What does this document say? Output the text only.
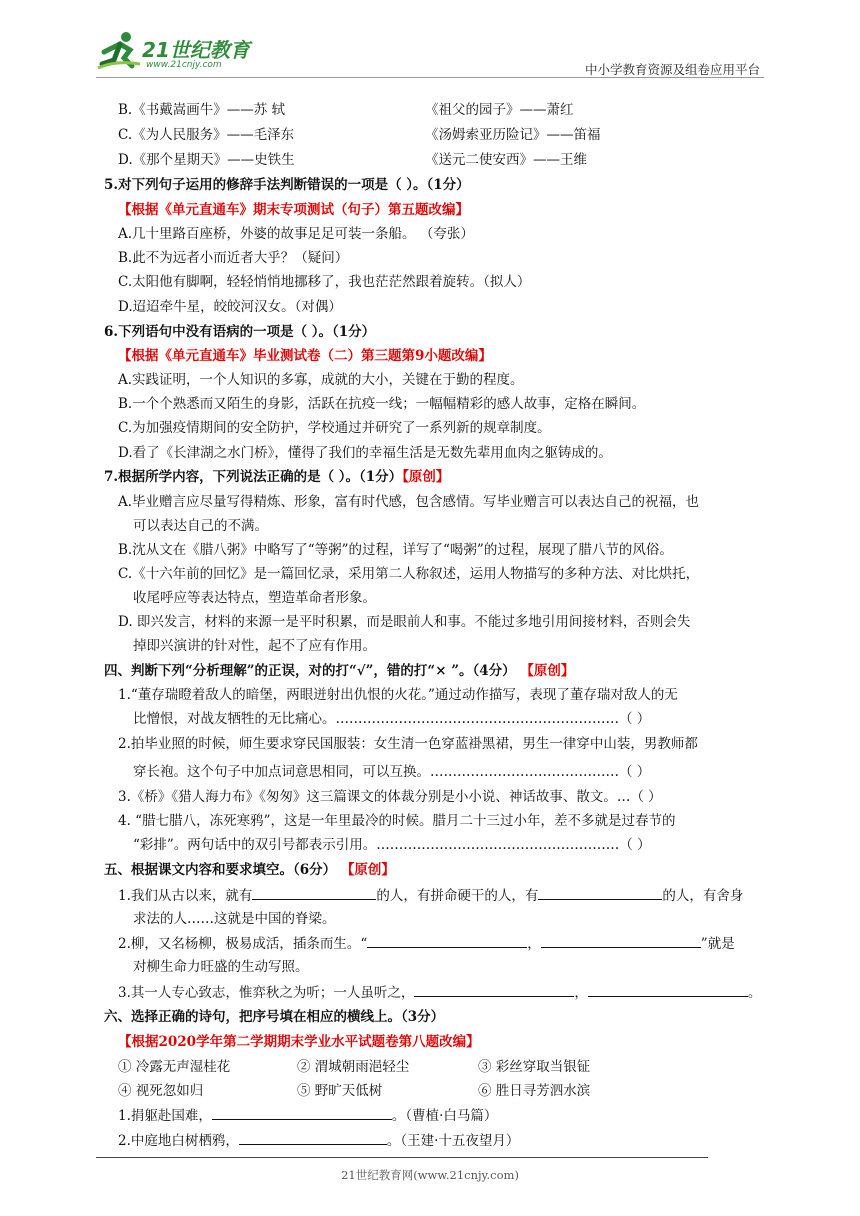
21世纪教育
www.21cnjy.com	中小学教育资源及组卷应用平台
B.《书戴嵩画牛》——苏 轼	《祖父的园子》——萧红
C.《为人民服务》——毛泽东	《汤姆索亚历险记》——笛福
D.《那个星期天》——史铁生	《送元二使安西》——王维
5.对下列句子运用的修辞手法判断错误的一项是（ ）。（1分）
【根据《单元直通车》期末专项测试（句子）第五题改编】
A.几十里路百座桥，外婆的故事足足可装一条船。 （夸张）
B.此不为远者小而近者大乎？（疑问）
C.太阳他有脚啊，轻轻悄悄地挪移了，我也茫茫然跟着旋转。（拟人）
D.迢迢牵牛星，皎皎河汉女。（对偶）
6.下列语句中没有语病的一项是（ ）。（1分）
【根据《单元直通车》毕业测试卷（二）第三题第9小题改编】
A.实践证明，一个人知识的多寡，成就的大小，关键在于勤的程度。
B.一个个熟悉而又陌生的身影，活跃在抗疫一线；一幅幅精彩的感人故事，定格在瞬间。
C.为加强疫情期间的安全防护，学校通过并研究了一系列新的规章制度。
D.看了《长津湖之水门桥》，懂得了我们的幸福生活是无数先辈用血肉之躯铸成的。
7.根据所学内容，下列说法正确的是（ ）。（1分）【原创】
A.毕业赠言应尽量写得精炼、形象，富有时代感，包含感情。写毕业赠言可以表达自己的祝福，也
可以表达自己的不满。
B.沈从文在《腊八粥》中略写了“等粥”的过程，详写了“喝粥”的过程，展现了腊八节的风俗。
C.《十六年前的回忆》是一篇回忆录，采用第二人称叙述，运用人物描写的多种方法、对比烘托，
收尾呼应等表达特点，塑造革命者形象。
D. 即兴发言，材料的来源一是平时积累，而是眼前人和事。不能过多地引用间接材料，否则会失
掉即兴演讲的针对性，起不了应有作用。
四、判断下列“分析理解”的正误，对的打“√”，错的打“× ”。（4分） 【原创】
1.“董存瑞瞪着敌人的暗堡，两眼迸射出仇恨的火花。”通过动作描写，表现了董存瑞对敌人的无
比憎恨，对战友牺牲的无比痛心。………………………………………………………（ ）
2.拍毕业照的时候，师生要求穿民国服装：女生清一色穿蓝褂黑裙，男生一律穿中山装，男教师都
穿长袍。这个句子中加点词意思相同，可以互换。……………………………………（ ）
3.《桥》《猎人海力布》《匆匆》这三篇课文的体裁分别是小小说、神话故事、散文。…（ ）
4. “腊七腊八，冻死寒鸦”，这是一年里最冷的时候。腊月二十三过小年，差不多就是过春节的
“彩排”。两句话中的双引号都表示引用。………………………………………………（ ）
五、根据课文内容和要求填空。（6分） 【原创】
1.我们从古以来，就有	的人，有拼命硬干的人，有	的人，有舍身
求法的人……这就是中国的脊梁。
2.柳，又名杨柳，极易成活，插条而生。“	，	”就是
对柳生命力旺盛的生动写照。
3.其一人专心致志，惟弈秋之为听；一人虽听之，	，	。
六、选择正确的诗句，把序号填在相应的横线上。（3分）
【根据2020学年第二学期期末学业水平试题卷第八题改编】
① 冷露无声湿桂花	② 渭城朝雨浥轻尘	③ 彩丝穿取当银钲
④ 视死忽如归	⑤ 野旷天低树	⑥ 胜日寻芳泗水滨
1.捐躯赴国难，	。（曹植·白马篇）
2.中庭地白树栖鸦，	。（王建·十五夜望月）
21世纪教育网(www.21cnjy.com)
